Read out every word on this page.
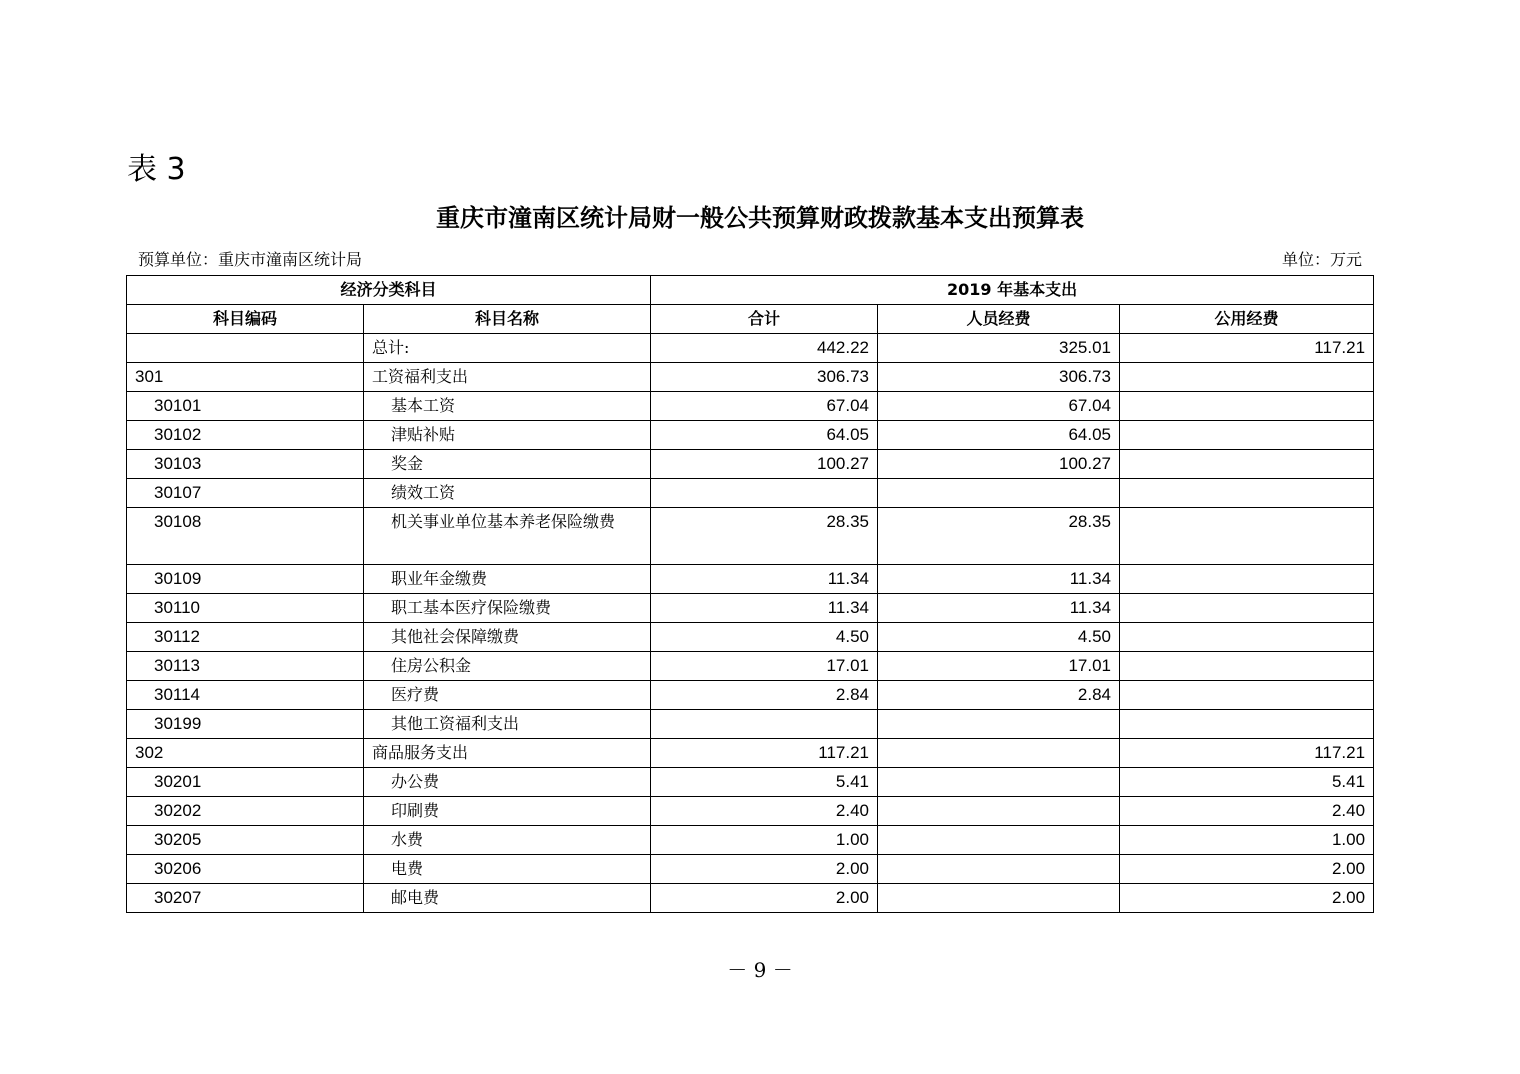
表 3
重庆市潼南区统计局财一般公共预算财政拨款基本支出预算表
预算单位：重庆市潼南区统计局	单位：万元
经济分类科目		2019 年基本支出		
科目编码	科目名称	合计	人员经费	公用经费
	总计:	442.22	325.01	117.21
301	工资福利支出	306.73	306.73	
30101	基本工资	67.04	67.04	
30102	津贴补贴	64.05	64.05	
30103	奖金	100.27	100.27	
30107	绩效工资			
30108	机关事业单位基本养老保险缴费	28.35	28.35	
30109	职业年金缴费	11.34	11.34	
30110	职工基本医疗保险缴费	11.34	11.34	
30112	其他社会保障缴费	4.50	4.50	
30113	住房公积金	17.01	17.01	
30114	医疗费	2.84	2.84	
30199	其他工资福利支出			
302	商品服务支出	117.21		117.21
30201	办公费	5.41		5.41
30202	印刷费	2.40		2.40
30205	水费	1.00		1.00
30206	电费	2.00		2.00
30207	邮电费	2.00		2.00
－ 9 －
